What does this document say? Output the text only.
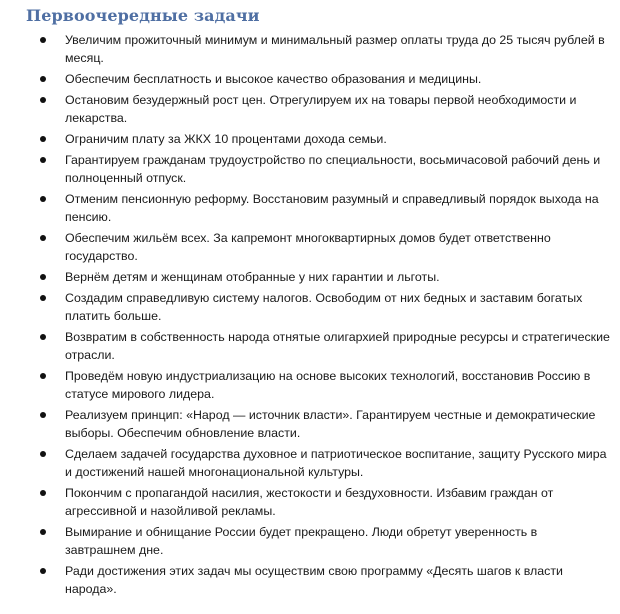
Первоочередные задачи
Увеличим прожиточный минимум и минимальный размер оплаты труда до 25 тысяч рублей в месяц.
Обеспечим бесплатность и высокое качество образования и медицины.
Остановим безудержный рост цен. Отрегулируем их на товары первой необходимости и лекарства.
Ограничим плату за ЖКХ 10 процентами дохода семьи.
Гарантируем гражданам трудоустройство по специальности, восьмичасовой рабочий день и полноценный отпуск.
Отменим пенсионную реформу. Восстановим разумный и справедливый порядок выхода на пенсию.
Обеспечим жильём всех. За капремонт многоквартирных домов будет ответственно государство.
Вернём детям и женщинам отобранные у них гарантии и льготы.
Создадим справедливую систему налогов. Освободим от них бедных и заставим богатых платить больше.
Возвратим в собственность народа отнятые олигархией природные ресурсы и стратегические отрасли.
Проведём новую индустриализацию на основе высоких технологий, восстановив Россию в статусе мирового лидера.
Реализуем принцип: «Народ — источник власти». Гарантируем честные и демократические выборы. Обеспечим обновление власти.
Сделаем задачей государства духовное и патриотическое воспитание, защиту Русского мира и достижений нашей многонациональной культуры.
Покончим с пропагандой насилия, жестокости и бездуховности. Избавим граждан от агрессивной и назойливой рекламы.
Вымирание и обнищание России будет прекращено. Люди обретут уверенность в завтрашнем дне.
Ради достижения этих задач мы осуществим свою программу «Десять шагов к власти народа».
